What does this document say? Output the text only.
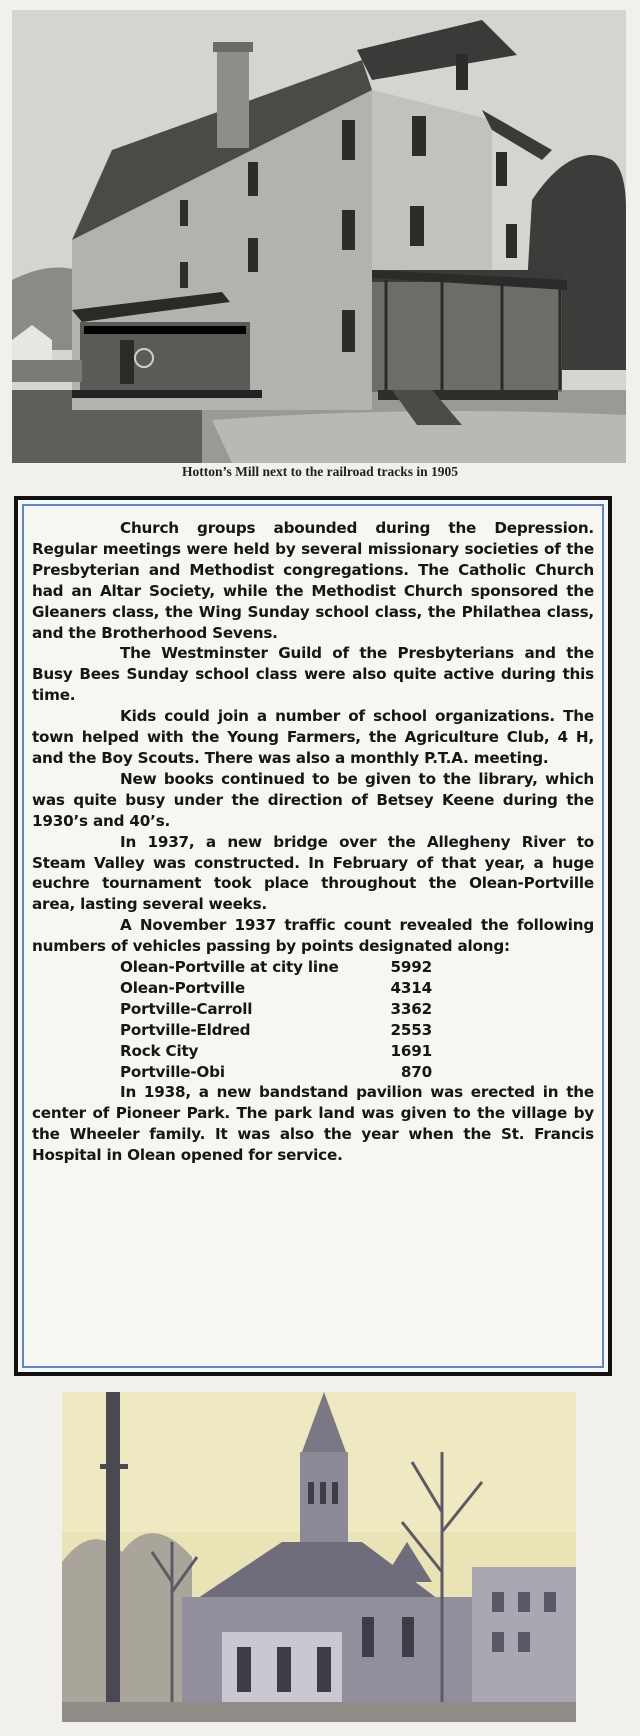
Hotton’s Mill next to the railroad tracks in 1905

Church groups abounded during the Depression. Regular meetings were held by several missionary societies of the Presbyterian and Methodist congregations. The Catholic Church had an Altar Society, while the Methodist Church sponsored the Gleaners class, the Wing Sunday school class, the Philathea class, and the Brotherhood Sevens.

The Westminster Guild of the Presbyterians and the Busy Bees Sunday school class were also quite active during this time.

Kids could join a number of school organizations. The town helped with the Young Farmers, the Agriculture Club, 4 H, and the Boy Scouts. There was also a monthly P.T.A. meeting.

New books continued to be given to the library, which was quite busy under the direction of Betsey Keene during the 1930’s and 40’s.

In 1937, a new bridge over the Allegheny River to Steam Valley was constructed. In February of that year, a huge euchre tournament took place throughout the Olean-Portville area, lasting several weeks.

A November 1937 traffic count revealed the following numbers of vehicles passing by points designated along:

Olean-Portville at city line	5992
Olean-Portville	4314
Portville-Carroll	3362
Portville-Eldred	2553
Rock City	1691
Portville-Obi	870

In 1938, a new bandstand pavilion was erected in the center of Pioneer Park. The park land was given to the village by the Wheeler family. It was also the year when the St. Francis Hospital in Olean opened for service.
